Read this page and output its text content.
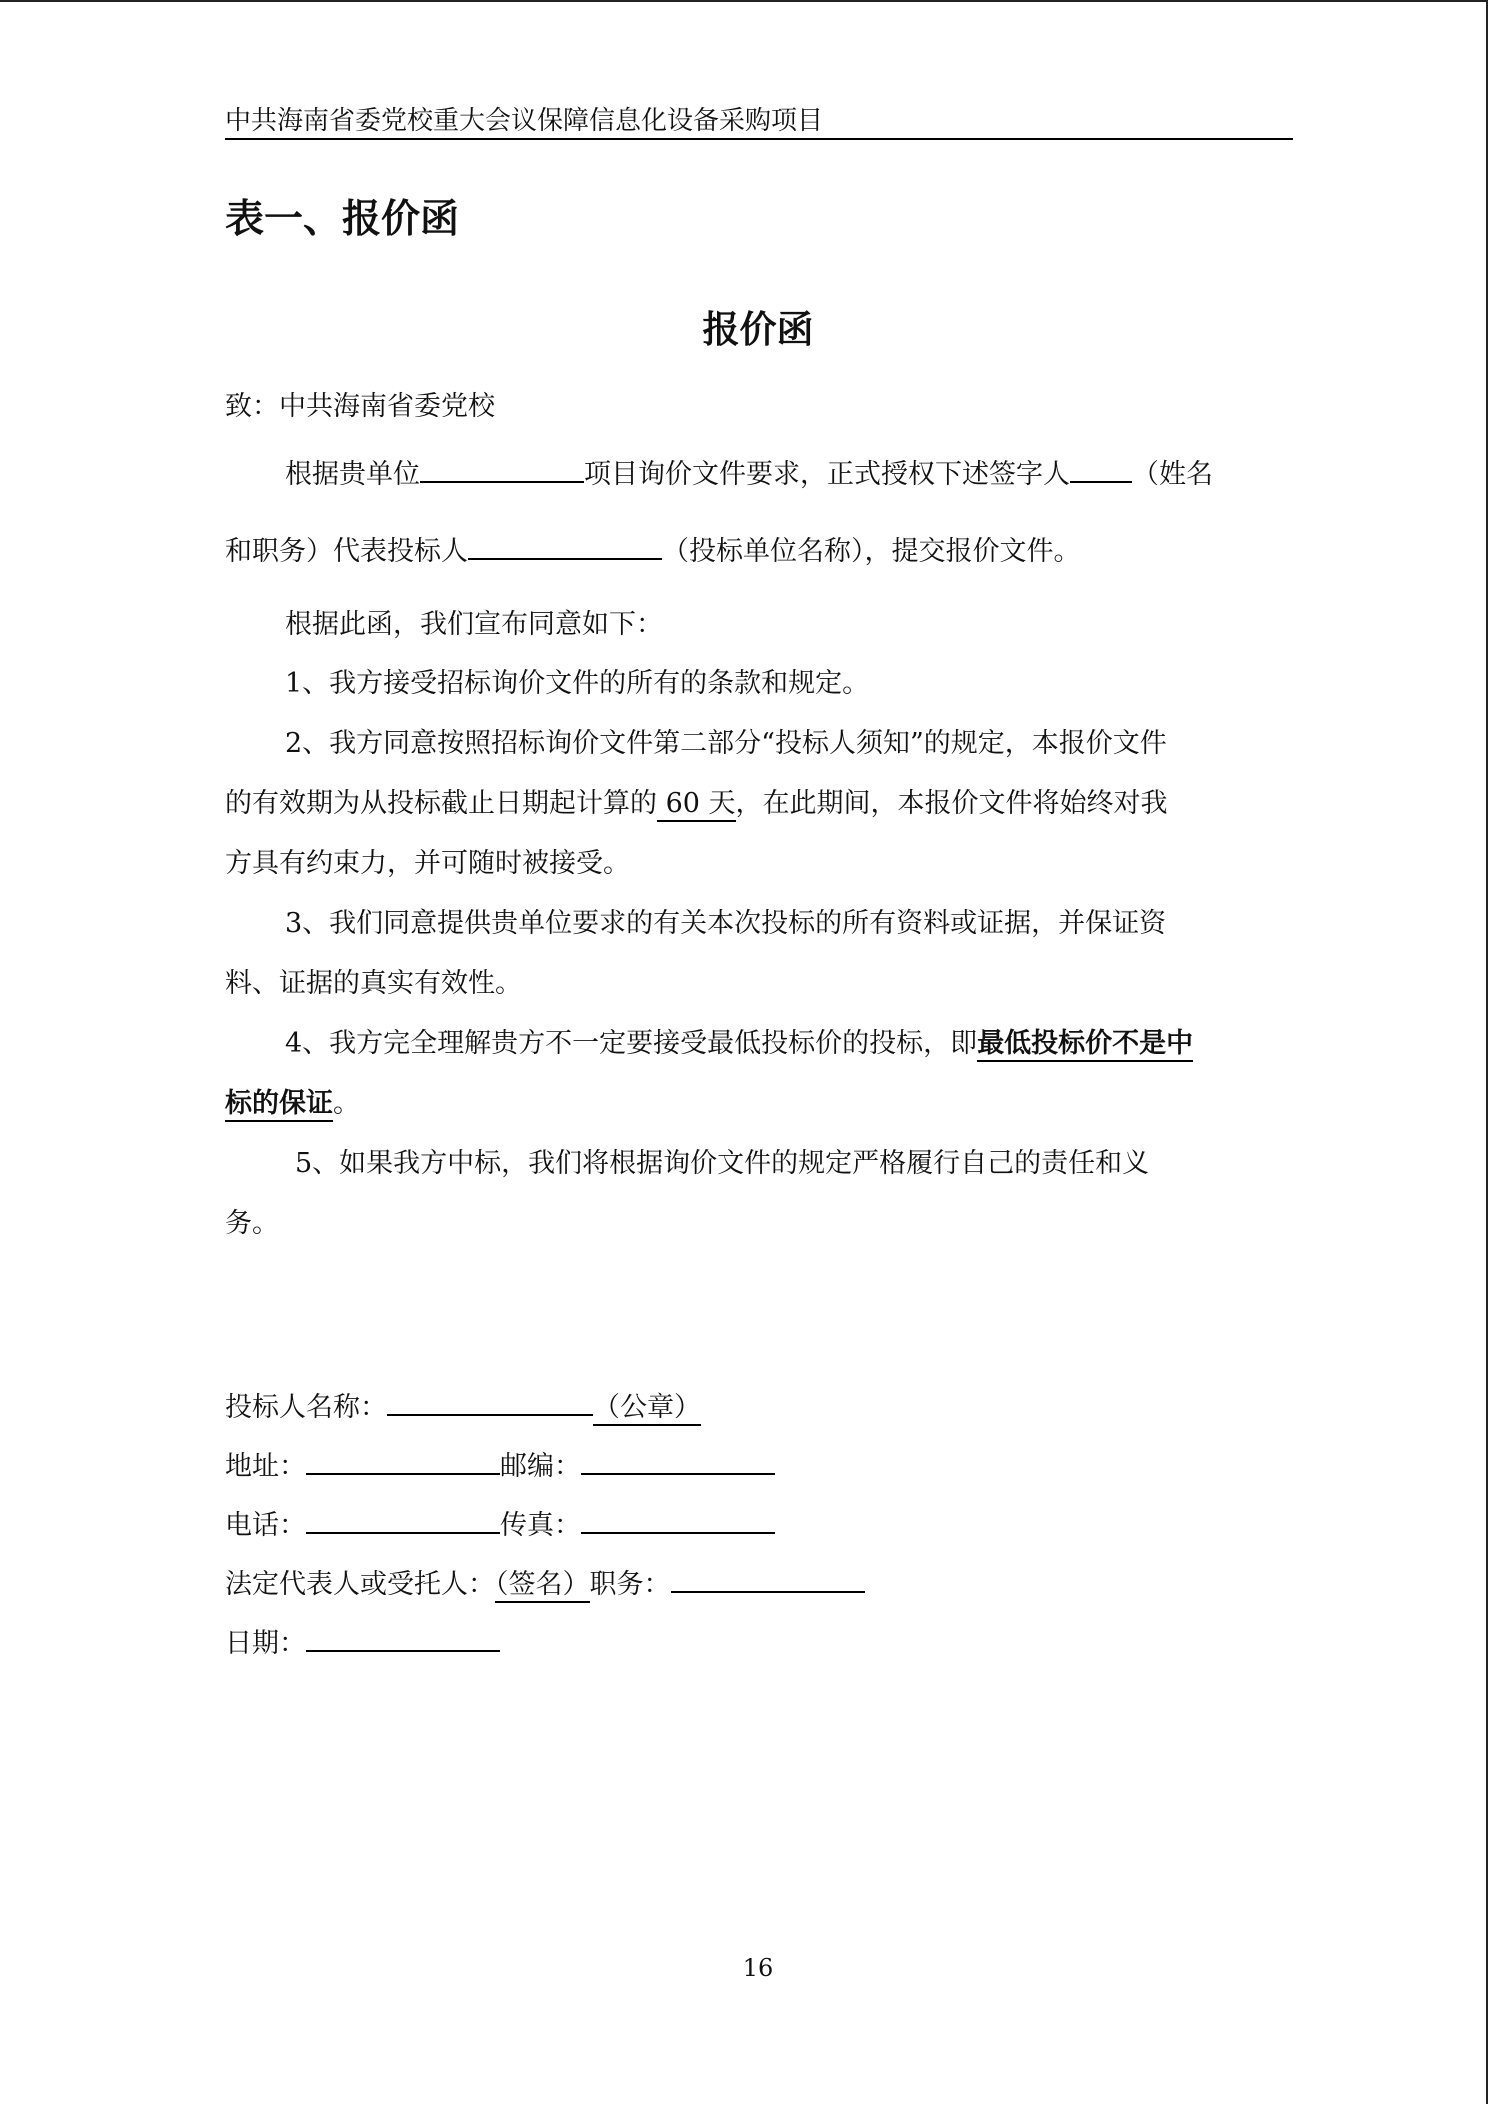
中共海南省委党校重大会议保障信息化设备采购项目
表一、报价函
报价函
致：中共海南省委党校
根据贵单位	项目询价文件要求，正式授权下述签字人 （姓名
和职务）代表投标人	（投标单位名称），提交报价文件。
根据此函，我们宣布同意如下：
1、我方接受招标询价文件的所有的条款和规定。
2、我方同意按照招标询价文件第二部分“投标人须知”的规定，本报价文件
的有效期为从投标截止日期起计算的 60 天，在此期间，本报价文件将始终对我
方具有约束力，并可随时被接受。
3、我们同意提供贵单位要求的有关本次投标的所有资料或证据，并保证资
料、证据的真实有效性。
4、我方完全理解贵方不一定要接受最低投标价的投标，即最低投标价不是中
标的保证。
5、如果我方中标，我们将根据询价文件的规定严格履行自己的责任和义
务。
投标人名称：	（公章）
地址：	邮编：
电话：	传真：
法定代表人或受托人：（签名）职务：
日期：
16
